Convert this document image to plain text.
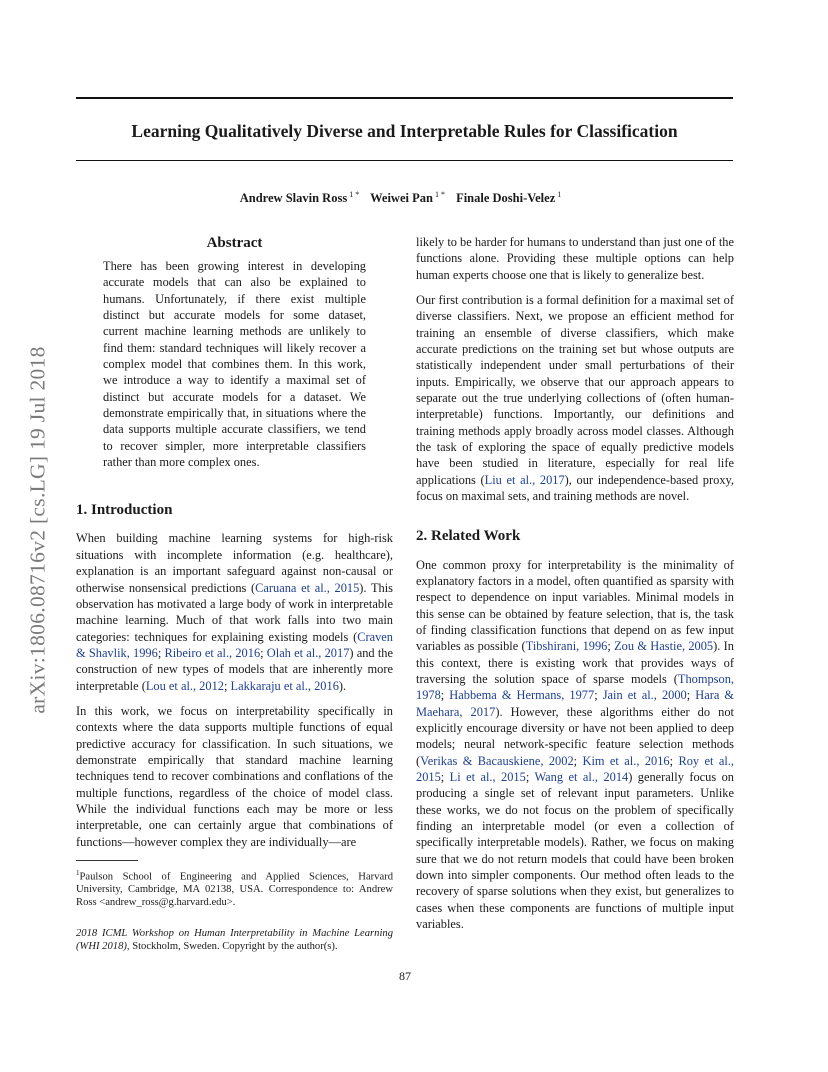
arXiv:1806.08716v2 [cs.LG] 19 Jul 2018
Learning Qualitatively Diverse and Interpretable Rules for Classification
Andrew Slavin Ross $^{1 *}$ Weiwei Pan $^{1 *}$ Finale Doshi-Velez $^1$
Abstract

There has been growing interest in developing accurate models that can also be explained to humans. Unfortunately, if there exist multiple distinct but accurate models for some dataset, current machine learning methods are unlikely to find them: standard techniques will likely recover a complex model that combines them. In this work, we introduce a way to identify a maximal set of distinct but accurate models for a dataset. We demonstrate empirically that, in situations where the data supports multiple accurate classifiers, we tend to recover simpler, more interpretable classifiers rather than more complex ones.

1. Introduction

When building machine learning systems for high-risk situations with incomplete information (e.g. healthcare), explanation is an important safeguard against non-causal or otherwise nonsensical predictions (Caruana et al., 2015). This observation has motivated a large body of work in interpretable machine learning. Much of that work falls into two main categories: techniques for explaining existing models (Craven & Shavlik, 1996; Ribeiro et al., 2016; Olah et al., 2017) and the construction of new types of models that are inherently more interpretable (Lou et al., 2012; Lakkaraju et al., 2016).

In this work, we focus on interpretability specifically in contexts where the data supports multiple functions of equal predictive accuracy for classification. In such situations, we demonstrate empirically that standard machine learning techniques tend to recover combinations and conflations of the multiple functions, regardless of the choice of model class. While the individual functions each may be more or less interpretable, one can certainly argue that combinations of functions—however complex they are individually—are

$^1$Paulson School of Engineering and Applied Sciences, Harvard University, Cambridge, MA 02138, USA. Correspondence to: Andrew Ross <andrew_ross@g.harvard.edu>.

2018 ICML Workshop on Human Interpretability in Machine Learning (WHI 2018), Stockholm, Sweden. Copyright by the author(s).

likely to be harder for humans to understand than just one of the functions alone. Providing these multiple options can help human experts choose one that is likely to generalize best.

Our first contribution is a formal definition for a maximal set of diverse classifiers. Next, we propose an efficient method for training an ensemble of diverse classifiers, which make accurate predictions on the training set but whose outputs are statistically independent under small perturbations of their inputs. Empirically, we observe that our approach appears to separate out the true underlying collections of (often human-interpretable) functions. Importantly, our definitions and training methods apply broadly across model classes. Although the task of exploring the space of equally predictive models have been studied in literature, especially for real life applications (Liu et al., 2017), our independence-based proxy, focus on maximal sets, and training methods are novel.

2. Related Work

One common proxy for interpretability is the minimality of explanatory factors in a model, often quantified as sparsity with respect to dependence on input variables. Minimal models in this sense can be obtained by feature selection, that is, the task of finding classification functions that depend on as few input variables as possible (Tibshirani, 1996; Zou & Hastie, 2005). In this context, there is existing work that provides ways of traversing the solution space of sparse models (Thompson, 1978; Habbema & Hermans, 1977; Jain et al., 2000; Hara & Maehara, 2017). However, these algorithms either do not explicitly encourage diversity or have not been applied to deep models; neural network-specific feature selection methods (Verikas & Bacauskiene, 2002; Kim et al., 2016; Roy et al., 2015; Li et al., 2015; Wang et al., 2014) generally focus on producing a single set of relevant input parameters. Unlike these works, we do not focus on the problem of specifically finding an interpretable model (or even a collection of specifically interpretable models). Rather, we focus on making sure that we do not return models that could have been broken down into simpler components. Our method often leads to the recovery of sparse solutions when they exist, but generalizes to cases when these components are functions of multiple input variables.

87
